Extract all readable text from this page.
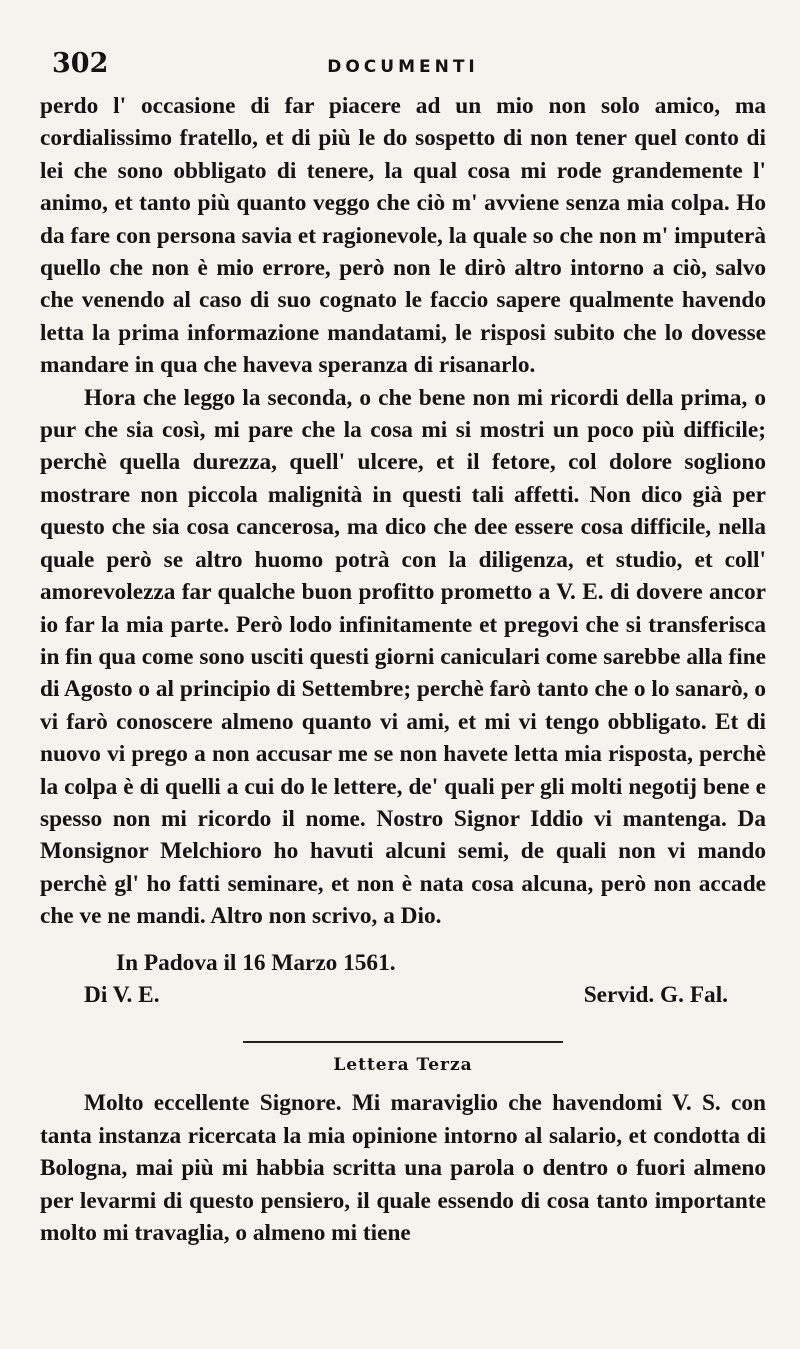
302	DOCUMENTI

perdo l' occasione di far piacere ad un mio non solo amico, ma cordialissimo fratello, et di più le do sospetto di non tener quel conto di lei che sono obbligato di tenere, la qual cosa mi rode grandemente l' animo, et tanto più quanto veggo che ciò m' avviene senza mia colpa. Ho da fare con persona savia et ragionevole, la quale so che non m' imputerà quello che non è mio errore, però non le dirò altro intorno a ciò, salvo che venendo al caso di suo cognato le faccio sapere qualmente havendo letta la prima informazione mandatami, le risposi subito che lo dovesse mandare in qua che haveva speranza di risanarlo.

Hora che leggo la seconda, o che bene non mi ricordi della prima, o pur che sia così, mi pare che la cosa mi si mostri un poco più difficile; perchè quella durezza, quell' ulcere, et il fetore, col dolore sogliono mostrare non piccola malignità in questi tali affetti. Non dico già per questo che sia cosa cancerosa, ma dico che dee essere cosa difficile, nella quale però se altro huomo potrà con la diligenza, et studio, et coll' amorevolezza far qualche buon profitto prometto a V. E. di dovere ancor io far la mia parte. Però lodo infinitamente et pregovi che si transferisca in fin qua come sono usciti questi giorni caniculari come sarebbe alla fine di Agosto o al principio di Settembre; perchè farò tanto che o lo sanarò, o vi farò conoscere almeno quanto vi ami, et mi vi tengo obbligato. Et di nuovo vi prego a non accusar me se non havete letta mia risposta, perchè la colpa è di quelli a cui do le lettere, de' quali per gli molti negotij bene e spesso non mi ricordo il nome. Nostro Signor Iddio vi mantenga. Da Monsignor Melchioro ho havuti alcuni semi, de quali non vi mando perchè gl' ho fatti seminare, et non è nata cosa alcuna, però non accade che ve ne mandi. Altro non scrivo, a Dio.

In Padova il 16 Marzo 1561.
Di V. E.	Servid. G. Fal.
Lettera Terza

Molto eccellente Signore. Mi maraviglio che havendomi V. S. con tanta instanza ricercata la mia opinione intorno al salario, et condotta di Bologna, mai più mi habbia scritta una parola o dentro o fuori almeno per levarmi di questo pensiero, il quale essendo di cosa tanto importante molto mi travaglia, o almeno mi tiene
